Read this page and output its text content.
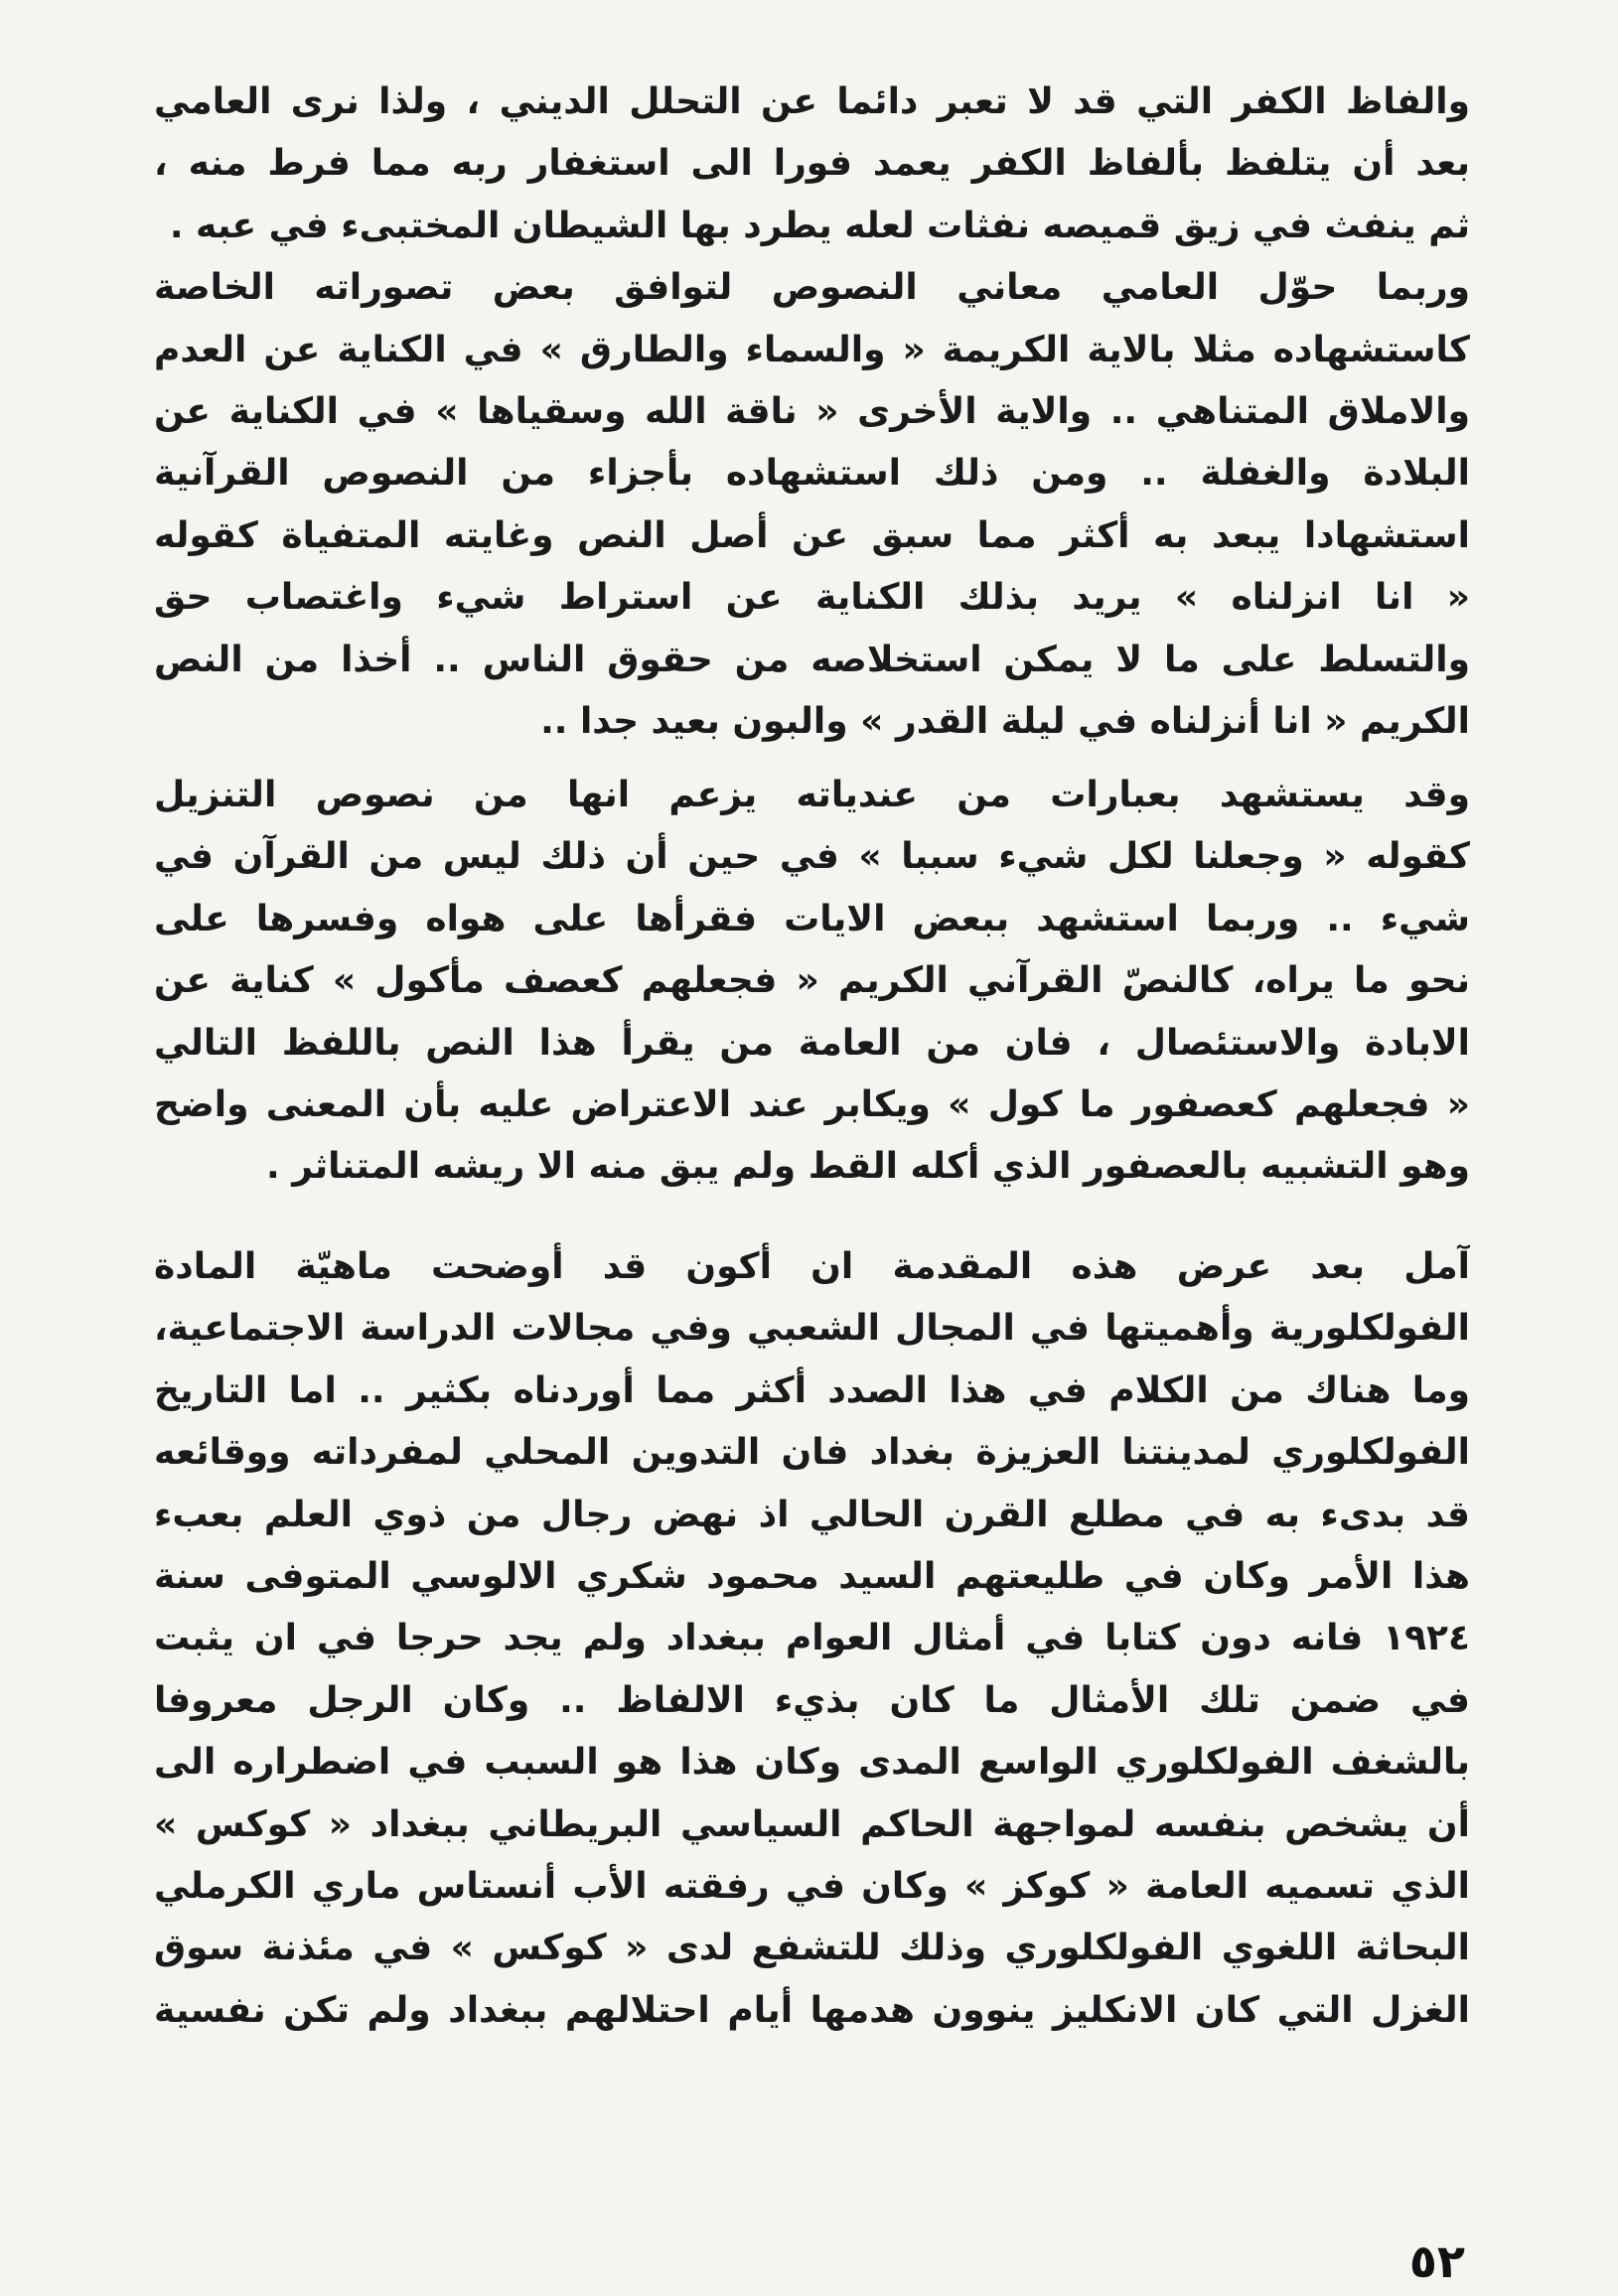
والفاظ الكفر التي قد لا تعبر دائما عن التحلل الديني ، ولذا نرى العامي
بعد أن يتلفظ بألفاظ الكفر يعمد فورا الى استغفار ربه مما فرط منه ،
ثم ينفث في زيق قميصه نفثات لعله يطرد بها الشيطان المختبىء في عبه .
وربما حوّل العامي معاني النصوص لتوافق بعض تصوراته الخاصة
كاستشهاده مثلا بالاية الكريمة « والسماء والطارق » في الكناية عن العدم
والاملاق المتناهي .. والاية الأخرى « ناقة الله وسقياها » في الكناية عن
البلادة والغفلة .. ومن ذلك استشهاده بأجزاء من النصوص القرآنية
استشهادا يبعد به أكثر مما سبق عن أصل النص وغايته المتفياة كقوله
« انا انزلناه » يريد بذلك الكناية عن استراط شيء واغتصاب حق
والتسلط على ما لا يمكن استخلاصه من حقوق الناس .. أخذا من النص
الكريم « انا أنزلناه في ليلة القدر » والبون بعيد جدا ..
وقد يستشهد بعبارات من عندياته يزعم انها من نصوص التنزيل
كقوله « وجعلنا لكل شيء سببا » في حين أن ذلك ليس من القرآن في
شيء .. وربما استشهد ببعض الايات فقرأها على هواه وفسرها على
نحو ما يراه، كالنصّ القرآني الكريم « فجعلهم كعصف مأكول » كناية عن
الابادة والاستئصال ، فان من العامة من يقرأ هذا النص باللفظ التالي
« فجعلهم كعصفور ما كول » ويكابر عند الاعتراض عليه بأن المعنى واضح
وهو التشبيه بالعصفور الذي أكله القط ولم يبق منه الا ريشه المتناثر .
آمل بعد عرض هذه المقدمة ان أكون قد أوضحت ماهيّة المادة
الفولكلورية وأهميتها في المجال الشعبي وفي مجالات الدراسة الاجتماعية،
وما هناك من الكلام في هذا الصدد أكثر مما أوردناه بكثير .. اما التاريخ
الفولكلوري لمدينتنا العزيزة بغداد فان التدوين المحلي لمفرداته ووقائعه
قد بدىء به في مطلع القرن الحالي اذ نهض رجال من ذوي العلم بعبء
هذا الأمر وكان في طليعتهم السيد محمود شكري الالوسي المتوفى سنة
١٩٢٤ فانه دون كتابا في أمثال العوام ببغداد ولم يجد حرجا في ان يثبت
في ضمن تلك الأمثال ما كان بذيء الالفاظ .. وكان الرجل معروفا
بالشغف الفولكلوري الواسع المدى وكان هذا هو السبب في اضطراره الى
أن يشخص بنفسه لمواجهة الحاكم السياسي البريطاني ببغداد « كوكس »
الذي تسميه العامة « كوكز » وكان في رفقته الأب أنستاس ماري الكرملي
البحاثة اللغوي الفولكلوري وذلك للتشفع لدى « كوكس » في مئذنة سوق
الغزل التي كان الانكليز ينوون هدمها أيام احتلالهم ببغداد ولم تكن نفسية
٥٢
